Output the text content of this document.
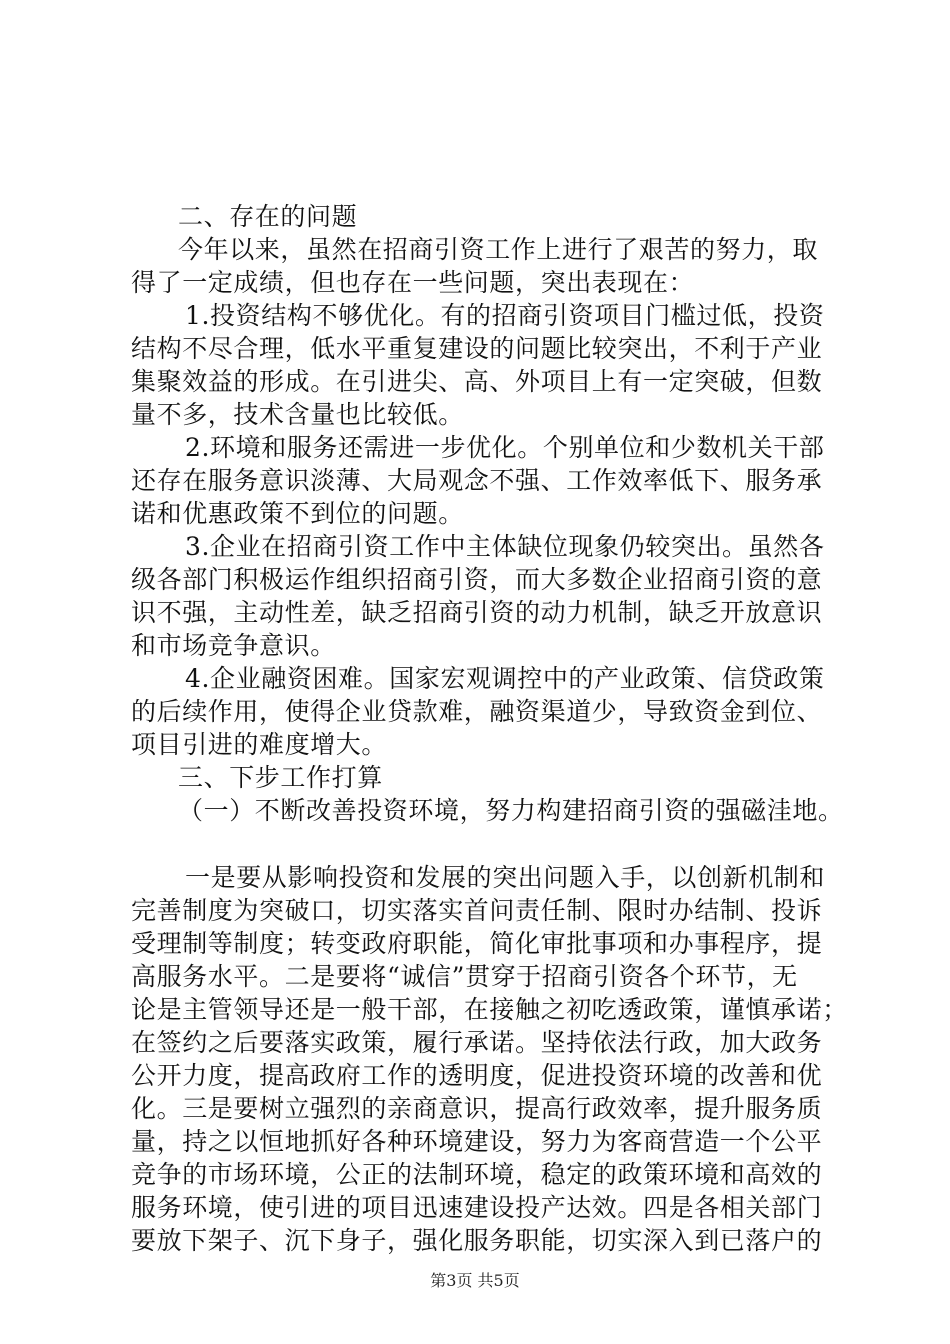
二、存在的问题
今年以来，虽然在招商引资工作上进行了艰苦的努力，取
得了一定成绩，但也存在一些问题，突出表现在：
1.投资结构不够优化。有的招商引资项目门槛过低，投资
结构不尽合理，低水平重复建设的问题比较突出，不利于产业
集聚效益的形成。在引进尖、高、外项目上有一定突破，但数
量不多，技术含量也比较低。
2.环境和服务还需进一步优化。个别单位和少数机关干部
还存在服务意识淡薄、大局观念不强、工作效率低下、服务承
诺和优惠政策不到位的问题。
3.企业在招商引资工作中主体缺位现象仍较突出。虽然各
级各部门积极运作组织招商引资，而大多数企业招商引资的意
识不强，主动性差，缺乏招商引资的动力机制，缺乏开放意识
和市场竞争意识。
4.企业融资困难。国家宏观调控中的产业政策、信贷政策
的后续作用，使得企业贷款难，融资渠道少，导致资金到位、
项目引进的难度增大。
三、下步工作打算
（一）不断改善投资环境，努力构建招商引资的强磁洼地。
一是要从影响投资和发展的突出问题入手，以创新机制和
完善制度为突破口，切实落实首问责任制、限时办结制、投诉
受理制等制度；转变政府职能，简化审批事项和办事程序，提
高服务水平。二是要将“诚信”贯穿于招商引资各个环节，无
论是主管领导还是一般干部，在接触之初吃透政策，谨慎承诺；
在签约之后要落实政策，履行承诺。坚持依法行政，加大政务
公开力度，提高政府工作的透明度，促进投资环境的改善和优
化。三是要树立强烈的亲商意识，提高行政效率，提升服务质
量，持之以恒地抓好各种环境建设，努力为客商营造一个公平
竞争的市场环境，公正的法制环境，稳定的政策环境和高效的
服务环境，使引进的项目迅速建设投产达效。四是各相关部门
要放下架子、沉下身子，强化服务职能，切实深入到已落户的
第3页 共5页
